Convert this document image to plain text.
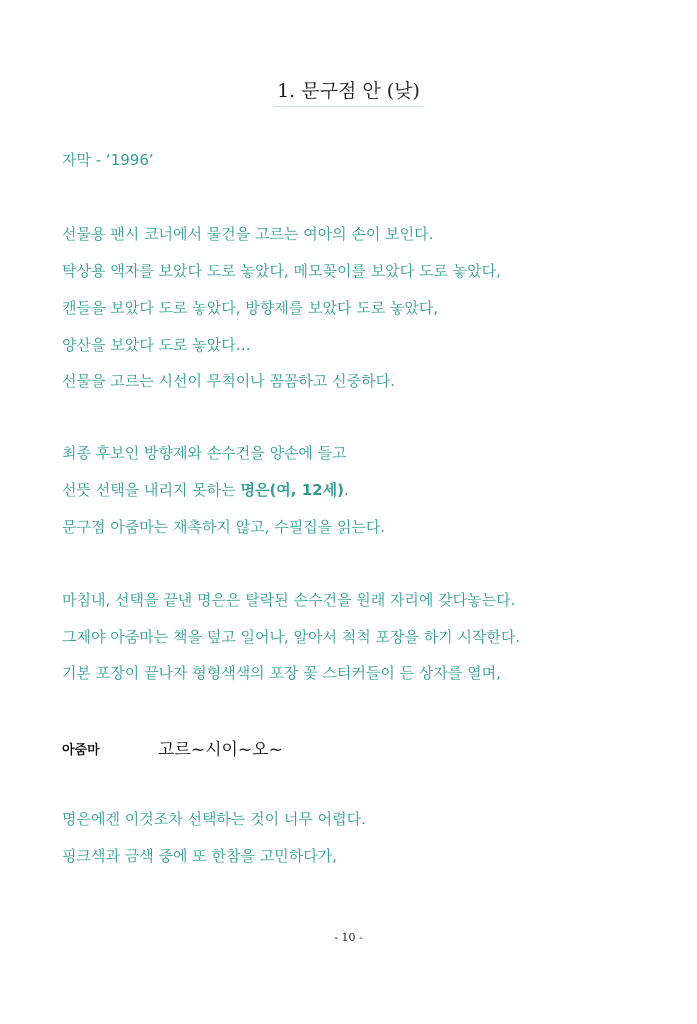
1. 문구점 안 (낮)
자막 - ‘1996’
선물용 팬시 코너에서 물건을 고르는 여아의 손이 보인다.
탁상용 액자를 보았다 도로 놓았다, 메모꽂이를 보았다 도로 놓았다,
캔들을 보았다 도로 놓았다, 방향제를 보았다 도로 놓았다,
양산을 보았다 도로 놓았다…
선물을 고르는 시선이 무척이나 꼼꼼하고 신중하다.
최종 후보인 방향제와 손수건을 양손에 들고
선뜻 선택을 내리지 못하는 명은(여, 12세).
문구점 아줌마는 재촉하지 않고, 수필집을 읽는다.
마침내, 선택을 끝낸 명은은 탈락된 손수건을 원래 자리에 갖다놓는다.
그제야 아줌마는 책을 덮고 일어나, 알아서 척척 포장을 하기 시작한다.
기본 포장이 끝나자 형형색색의 포장 꽃 스티커들이 든 상자를 열며,
아줌마	고르~시이~오~
명은에겐 이것조차 선택하는 것이 너무 어렵다.
핑크색과 금색 중에 또 한참을 고민하다가,
- 10 -
